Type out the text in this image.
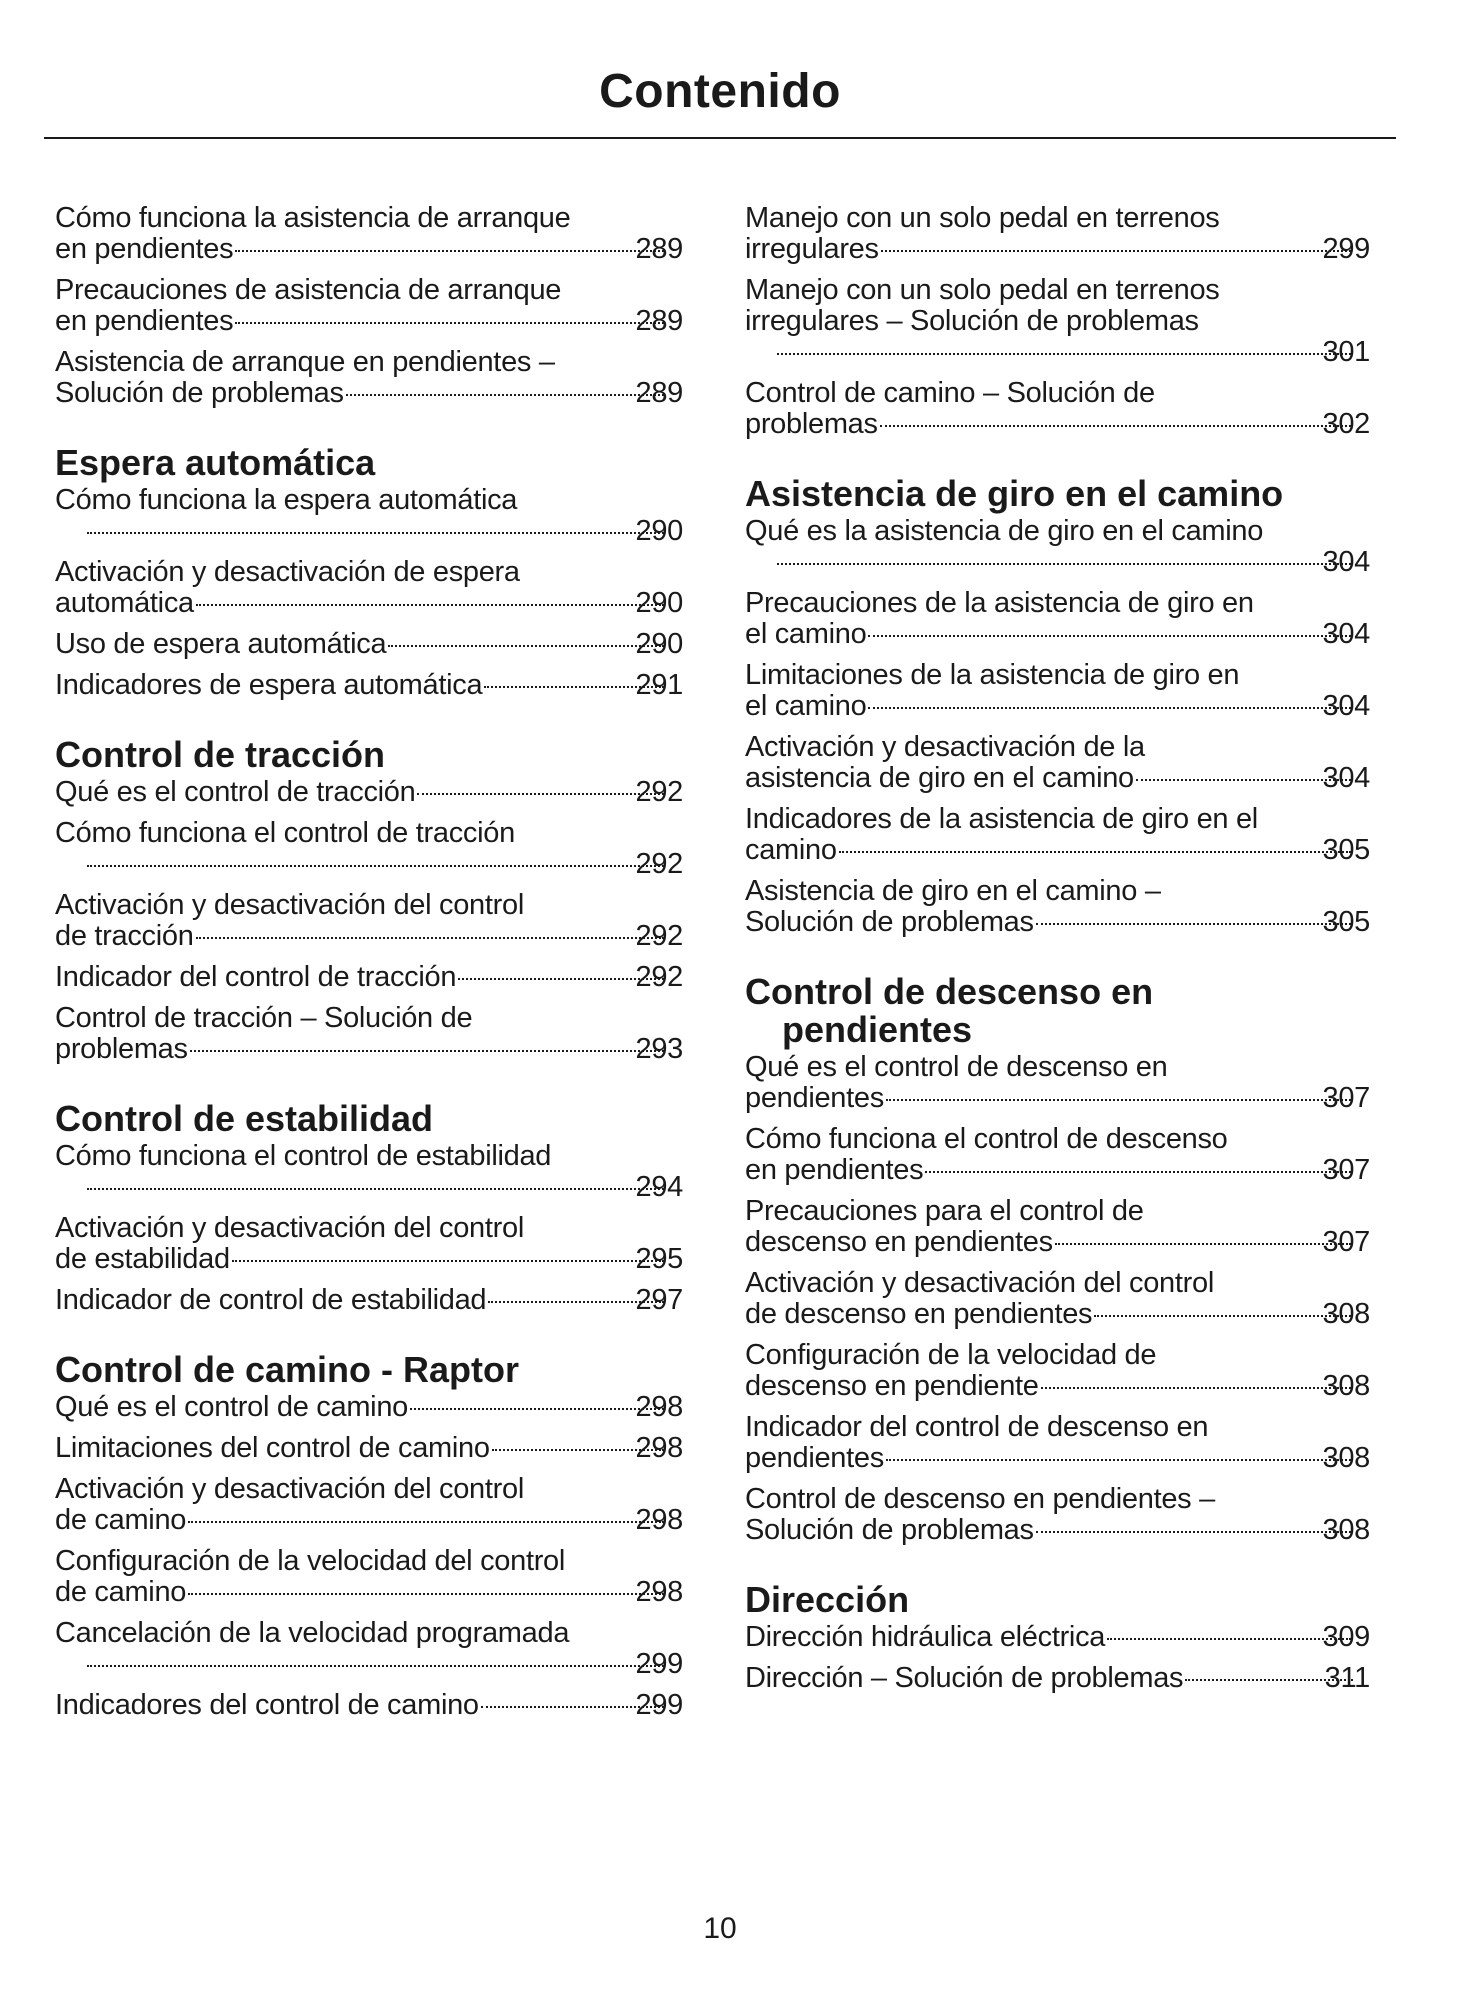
Contenido
Cómo funciona la asistencia de arranque
en pendientes	289
Precauciones de asistencia de arranque
en pendientes	289
Asistencia de arranque en pendientes –
Solución de problemas	289
Espera automática
Cómo funciona la espera automática
290
Activación y desactivación de espera
automática	290
Uso de espera automática	290
Indicadores de espera automática	291
Control de tracción
Qué es el control de tracción	292
Cómo funciona el control de tracción
292
Activación y desactivación del control
de tracción	292
Indicador del control de tracción	292
Control de tracción – Solución de
problemas	293
Control de estabilidad
Cómo funciona el control de estabilidad
294
Activación y desactivación del control
de estabilidad	295
Indicador de control de estabilidad	297
Control de camino - Raptor
Qué es el control de camino	298
Limitaciones del control de camino	298
Activación y desactivación del control
de camino	298
Configuración de la velocidad del control
de camino	298
Cancelación de la velocidad programada
299
Indicadores del control de camino	299
Manejo con un solo pedal en terrenos
irregulares	299
Manejo con un solo pedal en terrenos
irregulares – Solución de problemas
301
Control de camino – Solución de
problemas	302
Asistencia de giro en el camino
Qué es la asistencia de giro en el camino
304
Precauciones de la asistencia de giro en
el camino	304
Limitaciones de la asistencia de giro en
el camino	304
Activación y desactivación de la
asistencia de giro en el camino	304
Indicadores de la asistencia de giro en el
camino	305
Asistencia de giro en el camino –
Solución de problemas	305
Control de descenso en
pendientes
Qué es el control de descenso en
pendientes	307
Cómo funciona el control de descenso
en pendientes	307
Precauciones para el control de
descenso en pendientes	307
Activación y desactivación del control
de descenso en pendientes	308
Configuración de la velocidad de
descenso en pendiente	308
Indicador del control de descenso en
pendientes	308
Control de descenso en pendientes –
Solución de problemas	308
Dirección
Dirección hidráulica eléctrica	309
Dirección – Solución de problemas	311
10
